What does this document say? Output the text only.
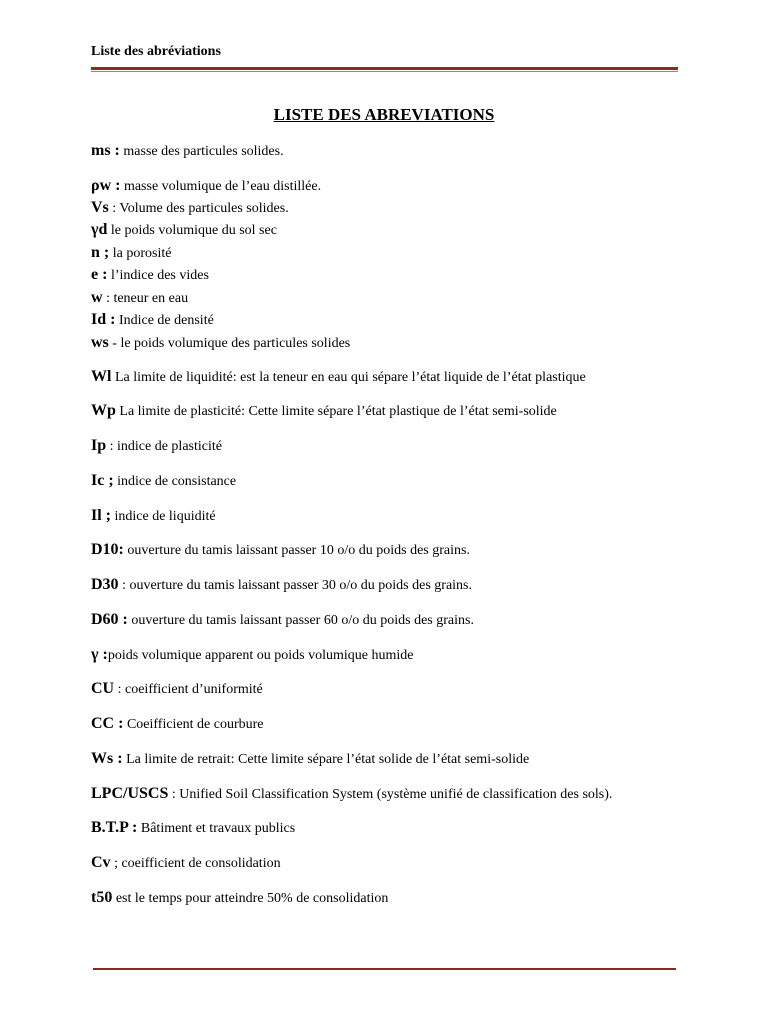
Liste des abréviations
LISTE DES ABREVIATIONS
ms : masse des particules solides.
ρw : masse volumique de l’eau distillée.
Vs : Volume des particules solides.
γd le poids volumique du sol sec
n ; la porosité
e : l’indice des vides
w : teneur en eau
Id : Indice de densité
ws - le poids volumique des particules solides
Wl La limite de liquidité: est la teneur en eau qui sépare l’état liquide de l’état plastique
Wp La limite de plasticité: Cette limite sépare l’état plastique de l’état semi-solide
Ip : indice de plasticité
Ic ; indice de consistance
Il ; indice de liquidité
D10: ouverture du tamis laissant passer 10 o/o du poids des grains.
D30 : ouverture du tamis laissant passer 30 o/o du poids des grains.
D60 : ouverture du tamis laissant passer 60 o/o du poids des grains.
γ :poids volumique apparent ou poids volumique humide
CU : coeifficient d’uniformité
CC : Coeifficient de courbure
Ws : La limite de retrait: Cette limite sépare l’état solide de l’état semi-solide
LPC/USCS : Unified Soil Classification System (système unifié de classification des sols).
B.T.P : Bâtiment et travaux publics
Cv ; coeifficient de consolidation
t50 est le temps pour atteindre 50% de consolidation
